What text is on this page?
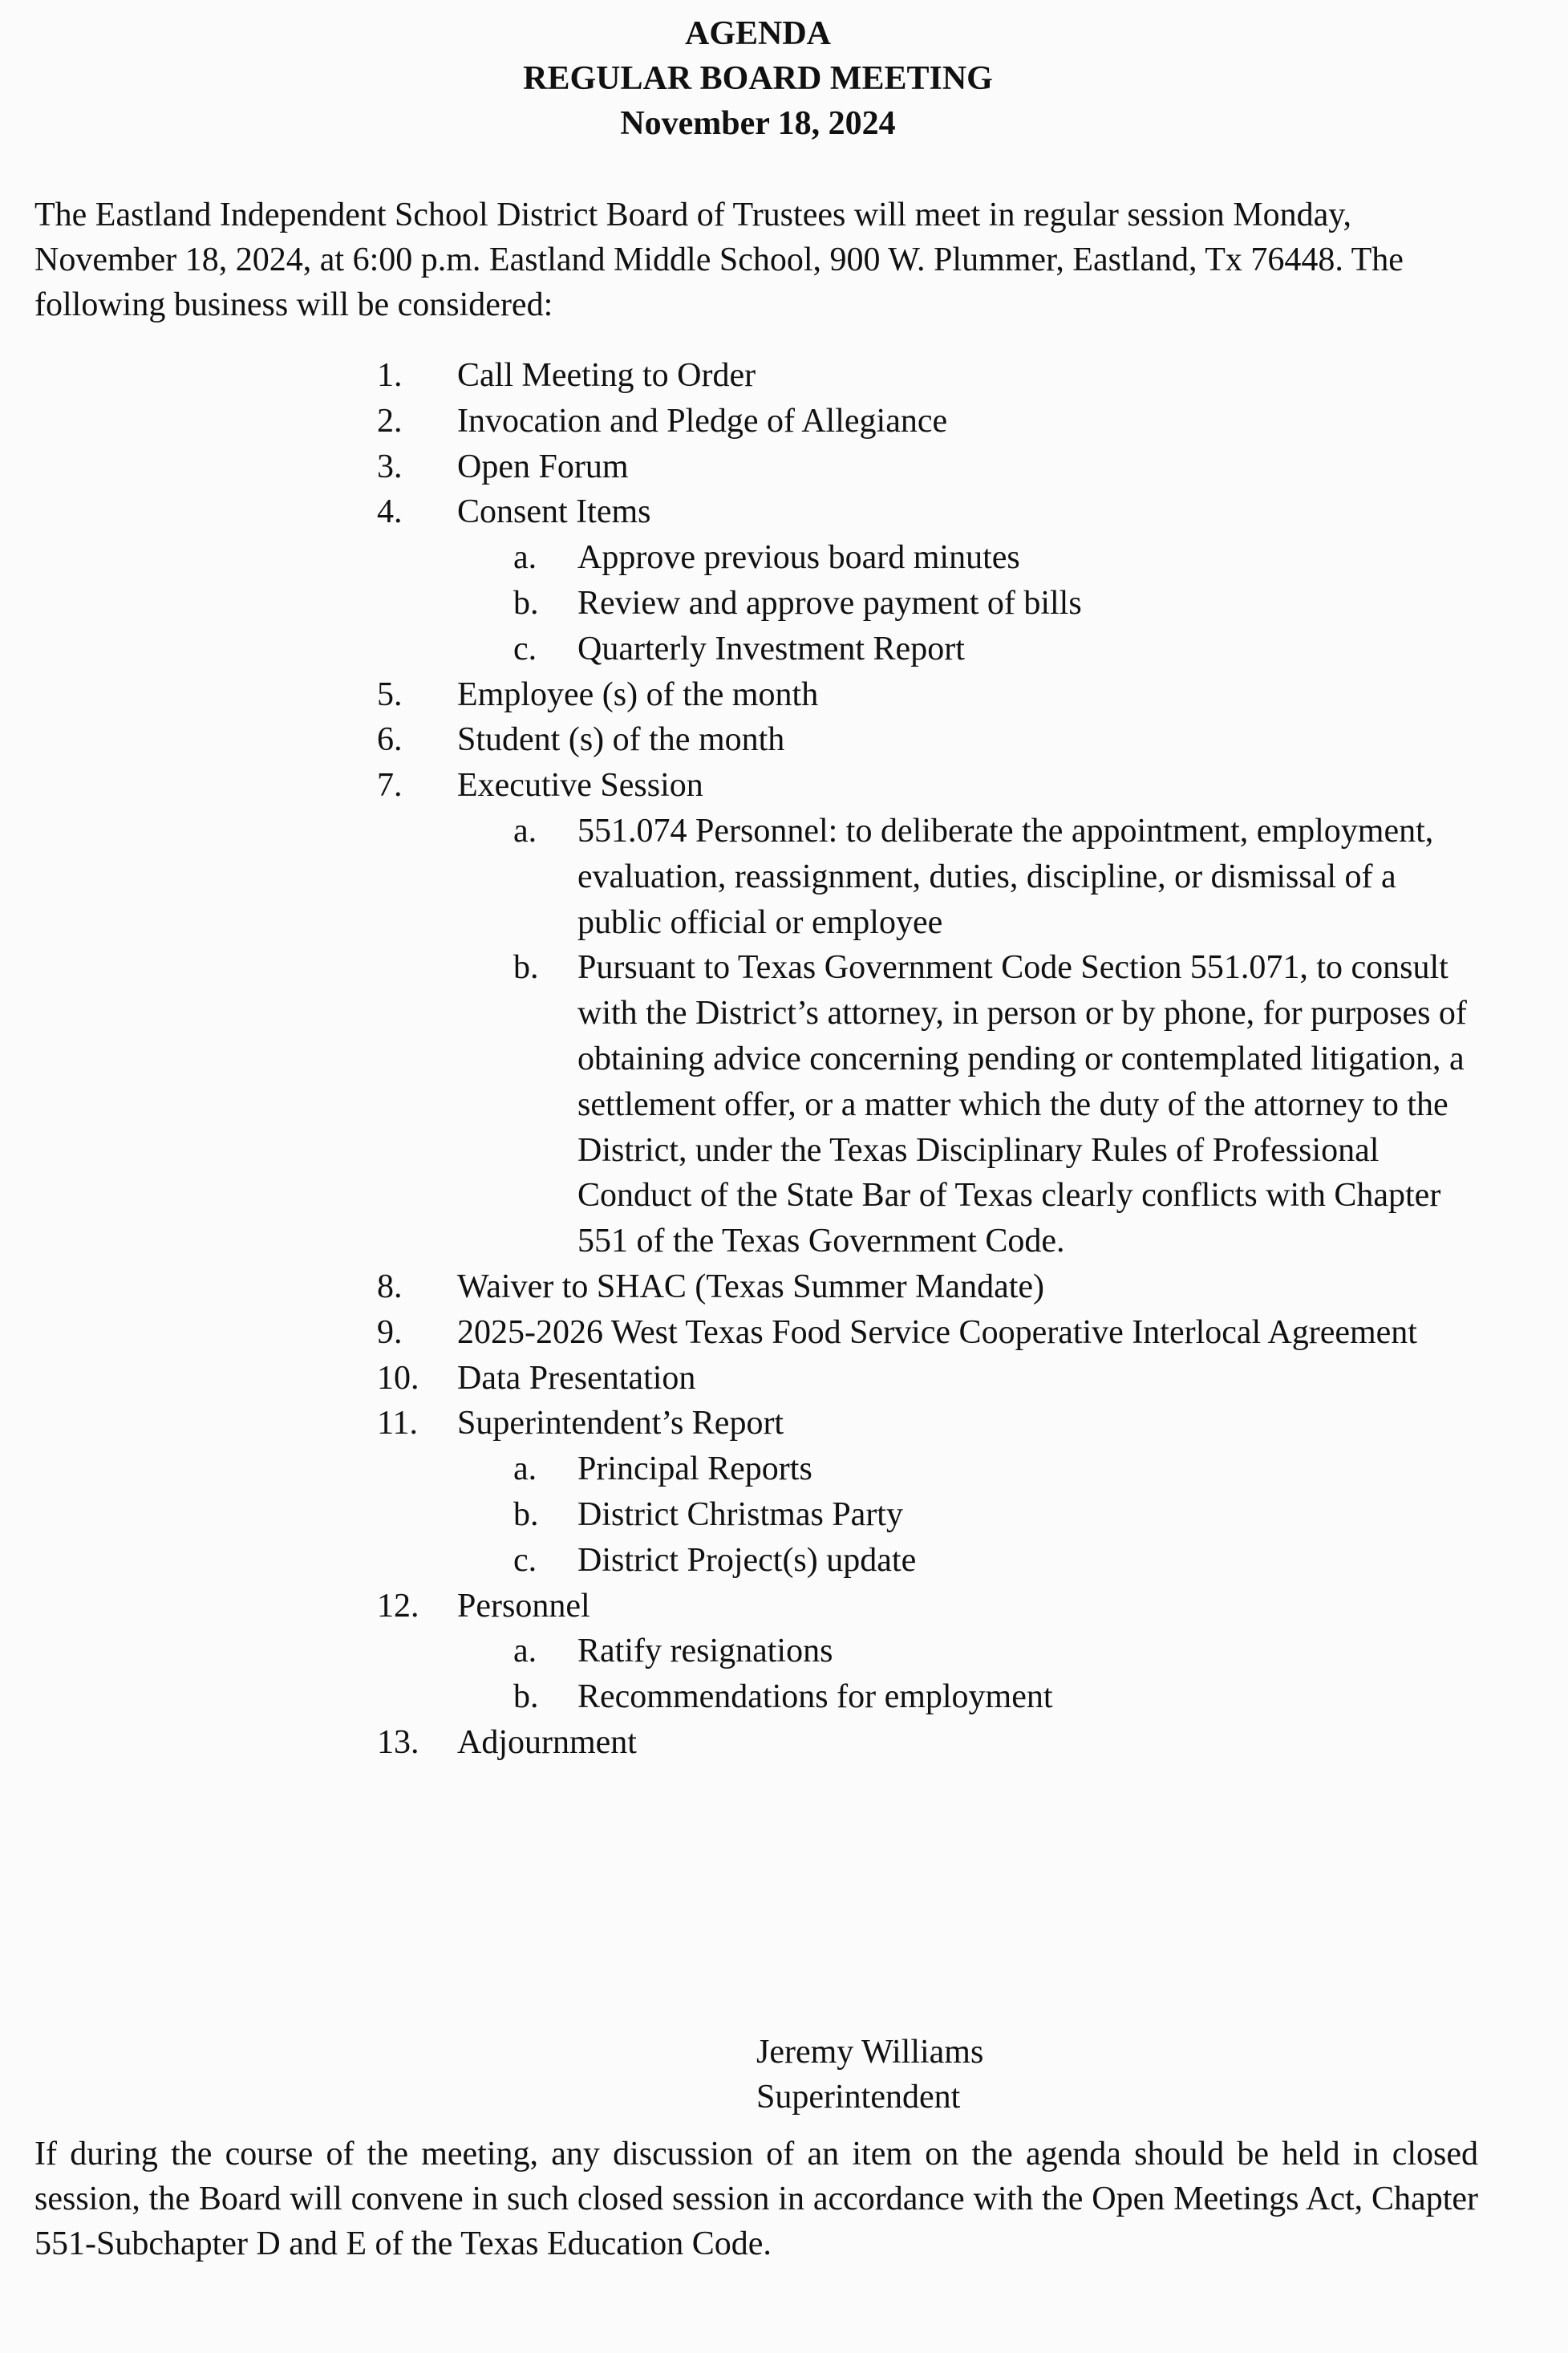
AGENDA
REGULAR BOARD MEETING
November 18, 2024
The Eastland Independent School District Board of Trustees will meet in regular session Monday, November 18, 2024, at 6:00 p.m. Eastland Middle School, 900 W. Plummer, Eastland, Tx 76448. The following business will be considered:
1.	Call Meeting to Order
2.	Invocation and Pledge of Allegiance
3.	Open Forum
4.	Consent Items
a.	Approve previous board minutes
b.	Review and approve payment of bills
c.	Quarterly Investment Report
5.	Employee (s) of the month
6.	Student (s) of the month
7.	Executive Session
a.	551.074 Personnel: to deliberate the appointment, employment, evaluation, reassignment, duties, discipline, or dismissal of a public official or employee
b.	Pursuant to Texas Government Code Section 551.071, to consult with the District’s attorney, in person or by phone, for purposes of obtaining advice concerning pending or contemplated litigation, a settlement offer, or a matter which the duty of the attorney to the District, under the Texas Disciplinary Rules of Professional Conduct of the State Bar of Texas clearly conflicts with Chapter 551 of the Texas Government Code.
8.	Waiver to SHAC (Texas Summer Mandate)
9.	2025-2026 West Texas Food Service Cooperative Interlocal Agreement
10.	Data Presentation
11.	Superintendent’s Report
a.	Principal Reports
b.	District Christmas Party
c.	District Project(s) update
12.	Personnel
a.	Ratify resignations
b.	Recommendations for employment
13.	Adjournment
Jeremy Williams
Superintendent
If during the course of the meeting, any discussion of an item on the agenda should be held in closed session, the Board will convene in such closed session in accordance with the Open Meetings Act, Chapter 551-Subchapter D and E of the Texas Education Code.
